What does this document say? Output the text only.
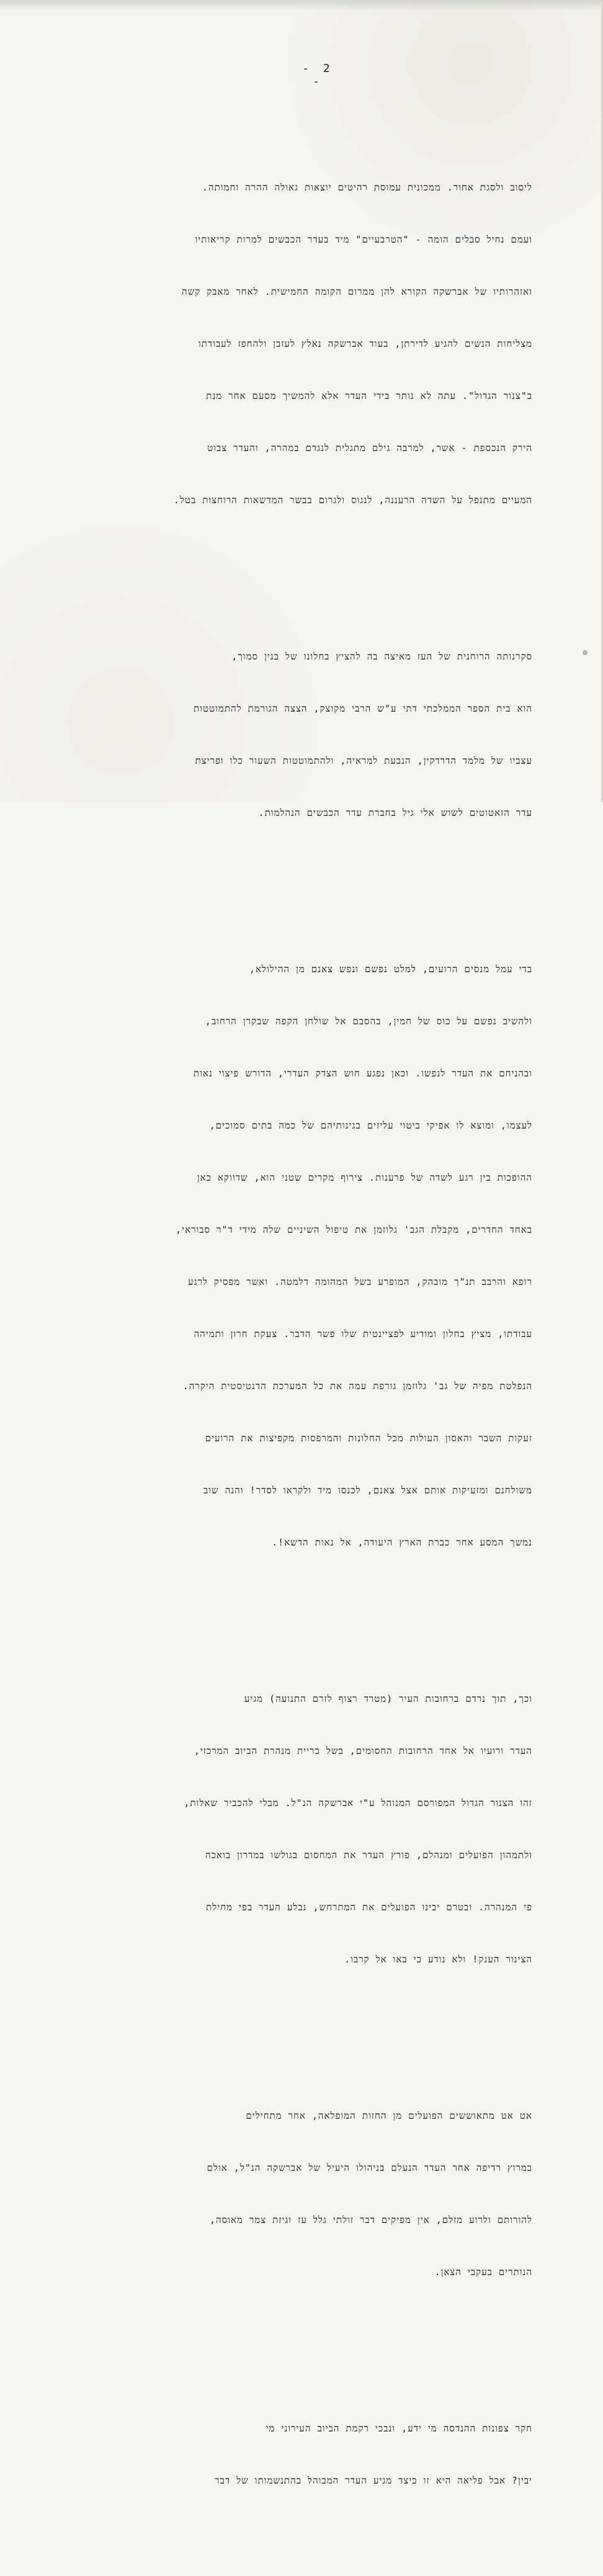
- 2 -

ליסוב ולסגת אחור. ממכונית עמוסת רהיטים יוצאות גאולה ההרה וחמותה.

ועמם נחיל סבלים הומה - "הטרבעיים" מיד בעדר הכבשים למרות קריאותיו

ואזהרותיו של אברשקה הקורא להן ממרום הקומה החמישית. לאחר מאבק קשה

מצליחות הנשים להגיע לדירתן, בעוד אברשקה נאלץ לעזבן ולהחפז לעבודתו

ב"צנור הגדול". עתה לא נותר בידי העדר אלא להמשיך מסעם אחר מנת

הירק הנכספת - אשר, למרבה גילם מתגלית לנגדם במהרה, והעדר צבוט

המעיים מתנפל על השדה הרעננה, לנגוס ולגרום בבשר המדשאות הרוחצות בטל.

סקרנותה הרוחנית של העז מאיצה בה להציץ בחלונו של בנין סמוך,

הוא בית הספר הממלכתי דתי ע"ש הרבי מקוצק, הצצה הגורמת להתמוטטות

עצביו של מלמד הדרדקין, הנבעת למראיה, ולהתמוטטות השעור כלו ופריצת

עדר הזאטוטים לשוש אלי גיל בחברת עדר הכבשים הנהלמות.

בדי עמל מנסים הרועים, למלט נפשם ונפש צאנם מן ההילולא,

ולהשיב נפשם על כוס של חמין, בהסבם אל שולחן הקפה שבקרן הרחוב,

ובהניחם את העדר לנפשו. וכאן נפגע חוש הצדק העדרי, הדורש פיצוי נאות

לעצמו, ומוצא לו אפיקי ביטוי עליזים בגינותיהם של כמה בתים סמוכים,

ההופכות בין רגע לשדה של פרענות. צירוף מקרים שטני הוא, שדווקא כאן

באחד החדרים, מקבלת הגב' גלוזמן את טיפול השיניים שלה מידי ד"ר סבוראי,

רופא והרבב תנ"ך מובהק, המופרע בשל המהומה דלמטה. ואשר מפסיק לרגע

עבודתו, מציץ בחלון ומודיע לפציינטית שלו פשר הדבר. צעקת חרון ותמיהה

הנפלטת מפיה של גב' גלוזמן גורפת עמה את כל המערכת הדנטיסטית היקרה.

זעקות השבר והאסון העולות מכל החלונות והמרפסות מקפיצות את הרועים

משולחנם ומזעיקות אותם אצל צאנם, לכנסו מיד ולקראו לסדר! והנה שוב

נמשך המסע אחר כברת הארץ היעודה, אל נאות הדשא!.

וכך, תוך נרדם ברחובות העיר (מטרד רצוף לזרם התנועה) מגיע

העדר ורועיו אל אחד הרחובות החסומים, בשל כריית מנהרת הביוב המרכזי,

זהו הצנור הגדול המפורסם המנוהל ע"י אברשקה הנ"ל. מבלי להכביר שאלות,

ולתמהון הפועלים ומנהלם, פורץ העדר את המחסום בגולשו במדרון בואכה

פי המנהרה. ובטרם יבינו הפועלים את המתרחש, נבלע העדר בפי מחילת

הצינור הענק! ולא נודע כי באו אל קרבו.

אט אט מתאוששים הפועלים מן החזות המופלאה, אחר מתחילים

במרוץ רדיפה אחר העדר הנעלם בניהולו היעיל של אברשקה הנ"ל, אולם

להורותם ולרוע מזלם, אין מפיקים דבר זולתי גלל עז וגיזת צמר מאוסה,

הנותרים בעקבי הצאן.

חקר צפונות ההנדסה מי ידע, ונבכי רקמת הביוב העירוני מי

יבין? אבל פליאה היא זו כיצד מגיע העדר המבוהל בהתנשמותו של דבר
